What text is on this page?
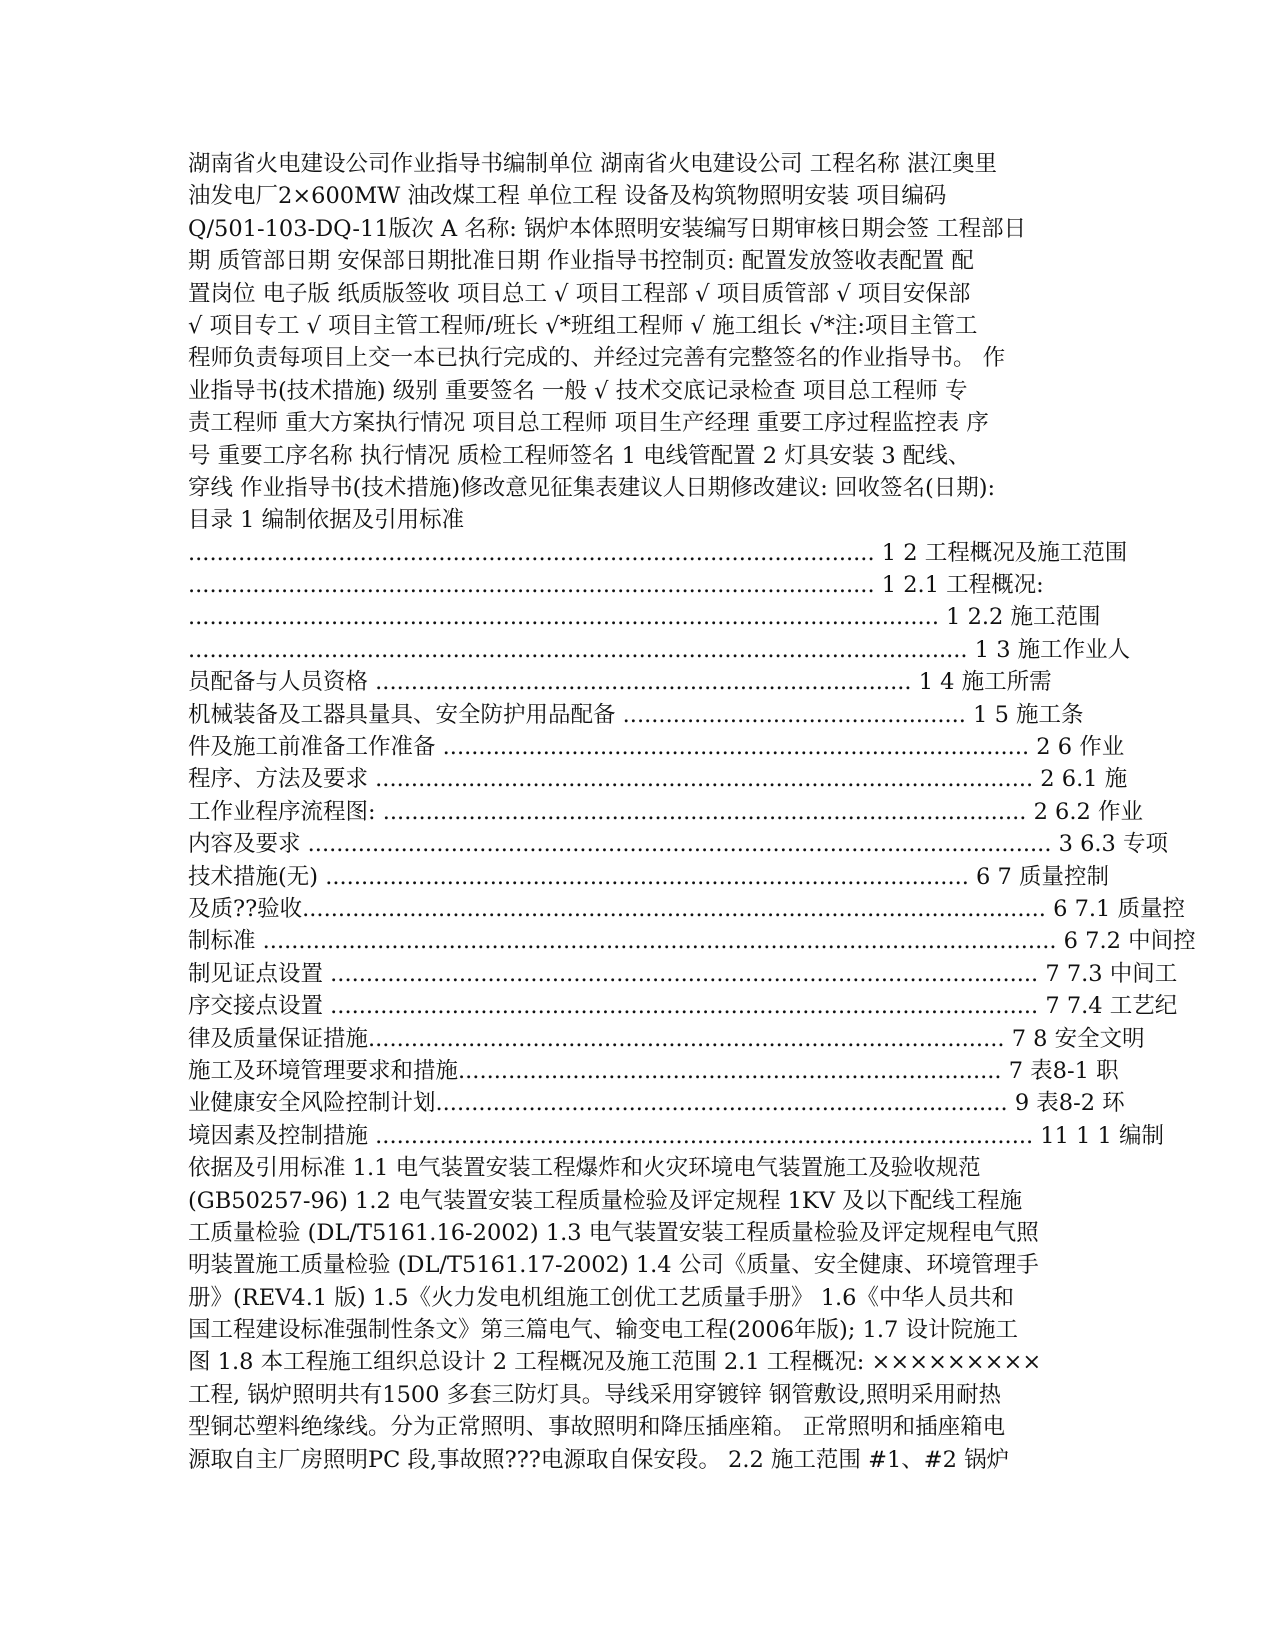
湖南省火电建设公司作业指导书编制单位 湖南省火电建设公司 工程名称 湛江奥里
油发电厂2×600MW 油改煤工程 单位工程 设备及构筑物照明安装 项目编码
Q/501-103-DQ-11版次 A 名称: 锅炉本体照明安装编写日期审核日期会签 工程部日
期 质管部日期 安保部日期批准日期 作业指导书控制页: 配置发放签收表配置 配
置岗位 电子版 纸质版签收 项目总工 √ 项目工程部 √ 项目质管部 √ 项目安保部
√ 项目专工 √ 项目主管工程师/班长 √*班组工程师 √ 施工组长 √*注:项目主管工
程师负责每项目上交一本已执行完成的、并经过完善有完整签名的作业指导书。 作
业指导书(技术措施) 级别 重要签名 一般 √ 技术交底记录检查 项目总工程师 专
责工程师 重大方案执行情况 项目总工程师 项目生产经理 重要工序过程监控表 序
号 重要工序名称 执行情况 质检工程师签名 1 电线管配置 2 灯具安装 3 配线、
穿线 作业指导书(技术措施)修改意见征集表建议人日期修改建议: 回收签名(日期):
目录 1 编制依据及引用标准
................................................................................................ 1 2 工程概况及施工范围
................................................................................................ 1 2.1 工程概况:
......................................................................................................... 1 2.2 施工范围
............................................................................................................. 1 3 施工作业人
员配备与人员资格 ........................................................................... 1 4 施工所需
机械装备及工器具量具、安全防护用品配备 ................................................ 1 5 施工条
件及施工前准备工作准备 .................................................................................. 2 6 作业
程序、方法及要求 ............................................................................................ 2 6.1 施
工作业程序流程图: .......................................................................................... 2 6.2 作业
内容及要求 ........................................................................................................ 3 6.3 专项
技术措施(无) .......................................................................................... 6 7 质量控制
及质??验收........................................................................................................ 6 7.1 质量控
制标准 ............................................................................................................... 6 7.2 中间控
制见证点设置 ................................................................................................... 7 7.3 中间工
序交接点设置 ................................................................................................... 7 7.4 工艺纪
律及质量保证措施......................................................................................... 7 8 安全文明
施工及环境管理要求和措施............................................................................ 7 表8-1 职
业健康安全风险控制计划................................................................................ 9 表8-2 环
境因素及控制措施 ............................................................................................ 11 1 1 编制
依据及引用标准 1.1 电气装置安装工程爆炸和火灾环境电气装置施工及验收规范
(GB50257-96) 1.2 电气装置安装工程质量检验及评定规程 1KV 及以下配线工程施
工质量检验 (DL/T5161.16-2002) 1.3 电气装置安装工程质量检验及评定规程电气照
明装置施工质量检验 (DL/T5161.17-2002) 1.4 公司《质量、安全健康、环境管理手
册》(REV4.1 版) 1.5《火力发电机组施工创优工艺质量手册》 1.6《中华人员共和
国工程建设标准强制性条文》第三篇电气、输变电工程(2006年版); 1.7 设计院施工
图 1.8 本工程施工组织总设计 2 工程概况及施工范围 2.1 工程概况: ×××××××××
工程, 锅炉照明共有1500 多套三防灯具。导线采用穿镀锌 钢管敷设,照明采用耐热
型铜芯塑料绝缘线。分为正常照明、事故照明和降压插座箱。 正常照明和插座箱电
源取自主厂房照明PC 段,事故照???电源取自保安段。 2.2 施工范围 #1、#2 锅炉
